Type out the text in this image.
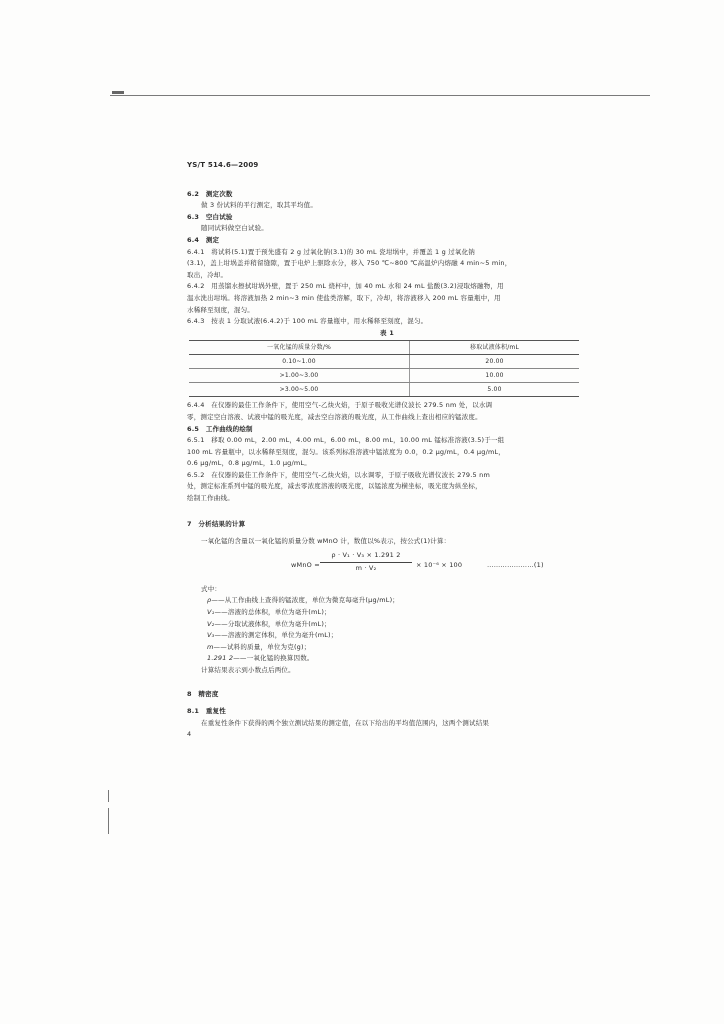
YS/T 514.6—2009
6.2　测定次数
做 3 份试料的平行测定，取其平均值。
6.3　空白试验
随同试料做空白试验。
6.4　测定
6.4.1　将试料(5.1)置于预先盛有 2 g 过氧化钠(3.1)的 30 mL 瓷坩埚中，并覆盖 1 g 过氧化钠
(3.1)，盖上坩埚盖并稍留缝隙，置于电炉上驱除水分，移入 750 ℃~800 ℃高温炉内熔融 4 min~5 min，
取出，冷却。
6.4.2　用蒸馏水擦拭坩埚外壁，置于 250 mL 烧杯中，加 40 mL 水和 24 mL 盐酸(3.2)浸取熔融物，用
温水洗出坩埚。将溶液加热 2 min~3 min 使盐类溶解，取下，冷却，将溶液移入 200 mL 容量瓶中，用
水稀释至刻度，混匀。
6.4.3　按表 1 分取试液(6.4.2)于 100 mL 容量瓶中，用水稀释至刻度，混匀。
表 1
一氧化锰的质量分数/%	移取试液体积/mL
0.10~1.00	20.00
>1.00~3.00	10.00
>3.00~5.00	5.00
6.4.4　在仪器的最佳工作条件下，使用空气-乙炔火焰，于原子吸收光谱仪波长 279.5 nm 处，以水调
零，测定空白溶液、试液中锰的吸光度，减去空白溶液的吸光度，从工作曲线上查出相应的锰浓度。
6.5　工作曲线的绘制
6.5.1　移取 0.00 mL，2.00 mL，4.00 mL，6.00 mL，8.00 mL，10.00 mL 锰标准溶液(3.5)于一组
100 mL 容量瓶中，以水稀释至刻度，混匀。该系列标准溶液中锰浓度为 0.0，0.2 μg/mL，0.4 μg/mL，
0.6 μg/mL，0.8 μg/mL，1.0 μg/mL。
6.5.2　在仪器的最佳工作条件下，使用空气-乙炔火焰，以水调零，于原子吸收光谱仪波长 279.5 nm
处，测定标准系列中锰的吸光度，减去零浓度溶液的吸光度，以锰浓度为横坐标，吸光度为纵坐标，
绘制工作曲线。
7　分析结果的计算
一氧化锰的含量以一氧化锰的质量分数 wMnO 计，数值以%表示，按公式(1)计算：
wMnO = $\frac{\text{ρ · V₁ · V₃ × 1.291 2}}{\text{m · V₂}} \times 10^{-6} \times 100$	…………………(1)
式中：
ρ——从工作曲线上查得的锰浓度，单位为微克每毫升(μg/mL)；
V₁——溶液的总体积，单位为毫升(mL)；
V₂——分取试液体积，单位为毫升(mL)；
V₃——溶液的测定体积，单位为毫升(mL)；
m——试料的质量，单位为克(g)；
1.291 2——一氧化锰的换算因数。
计算结果表示到小数点后两位。
8　精密度
8.1　重复性
在重复性条件下获得的两个独立测试结果的测定值，在以下给出的平均值范围内，这两个测试结果
4
